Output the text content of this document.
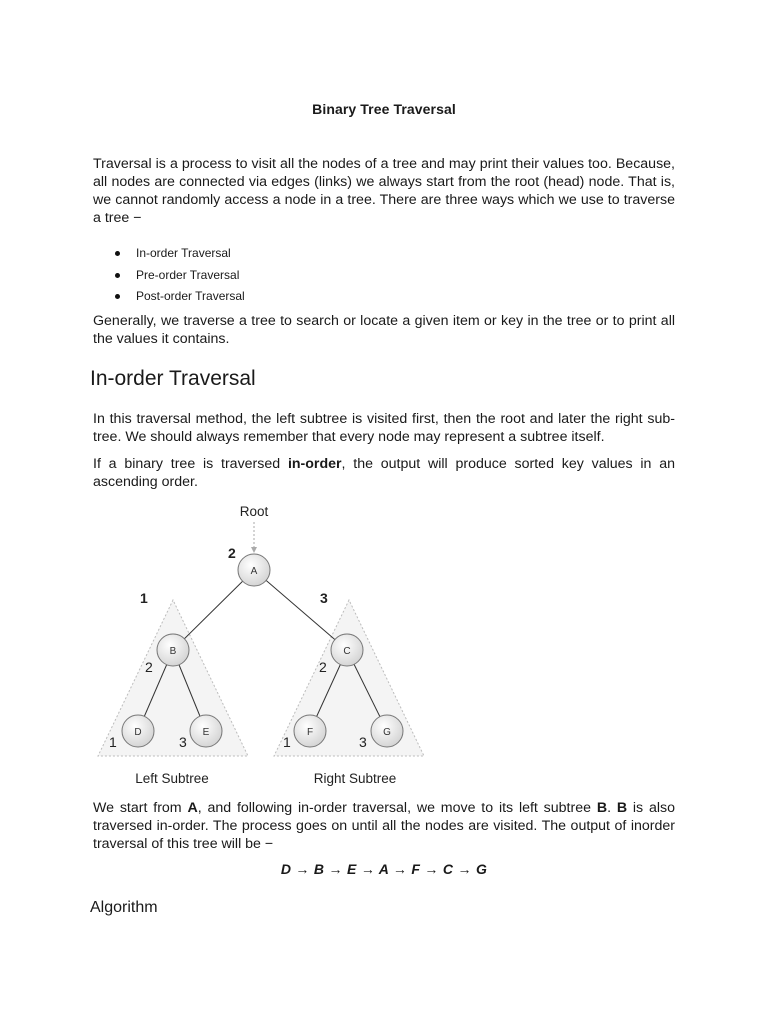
Binary Tree Traversal

Traversal is a process to visit all the nodes of a tree and may print their values too. Because, all nodes are connected via edges (links) we always start from the root (head) node. That is, we cannot randomly access a node in a tree. There are three ways which we use to traverse a tree −

In-order Traversal
Pre-order Traversal
Post-order Traversal

Generally, we traverse a tree to search or locate a given item or key in the tree or to print all the values it contains.

In-order Traversal

In this traversal method, the left subtree is visited first, then the root and later the right sub-tree. We should always remember that every node may represent a subtree itself.

If a binary tree is traversed in-order, the output will produce sorted key values in an ascending order.

Root
A
B	C
D	E	F	G
2
1	3
2
1	3
2
1	3
Left Subtree	Right Subtree

We start from A, and following in-order traversal, we move to its left subtree B. B is also traversed in-order. The process goes on until all the nodes are visited. The output of inorder traversal of this tree will be −

D → B → E → A → F → C → G
Algorithm
